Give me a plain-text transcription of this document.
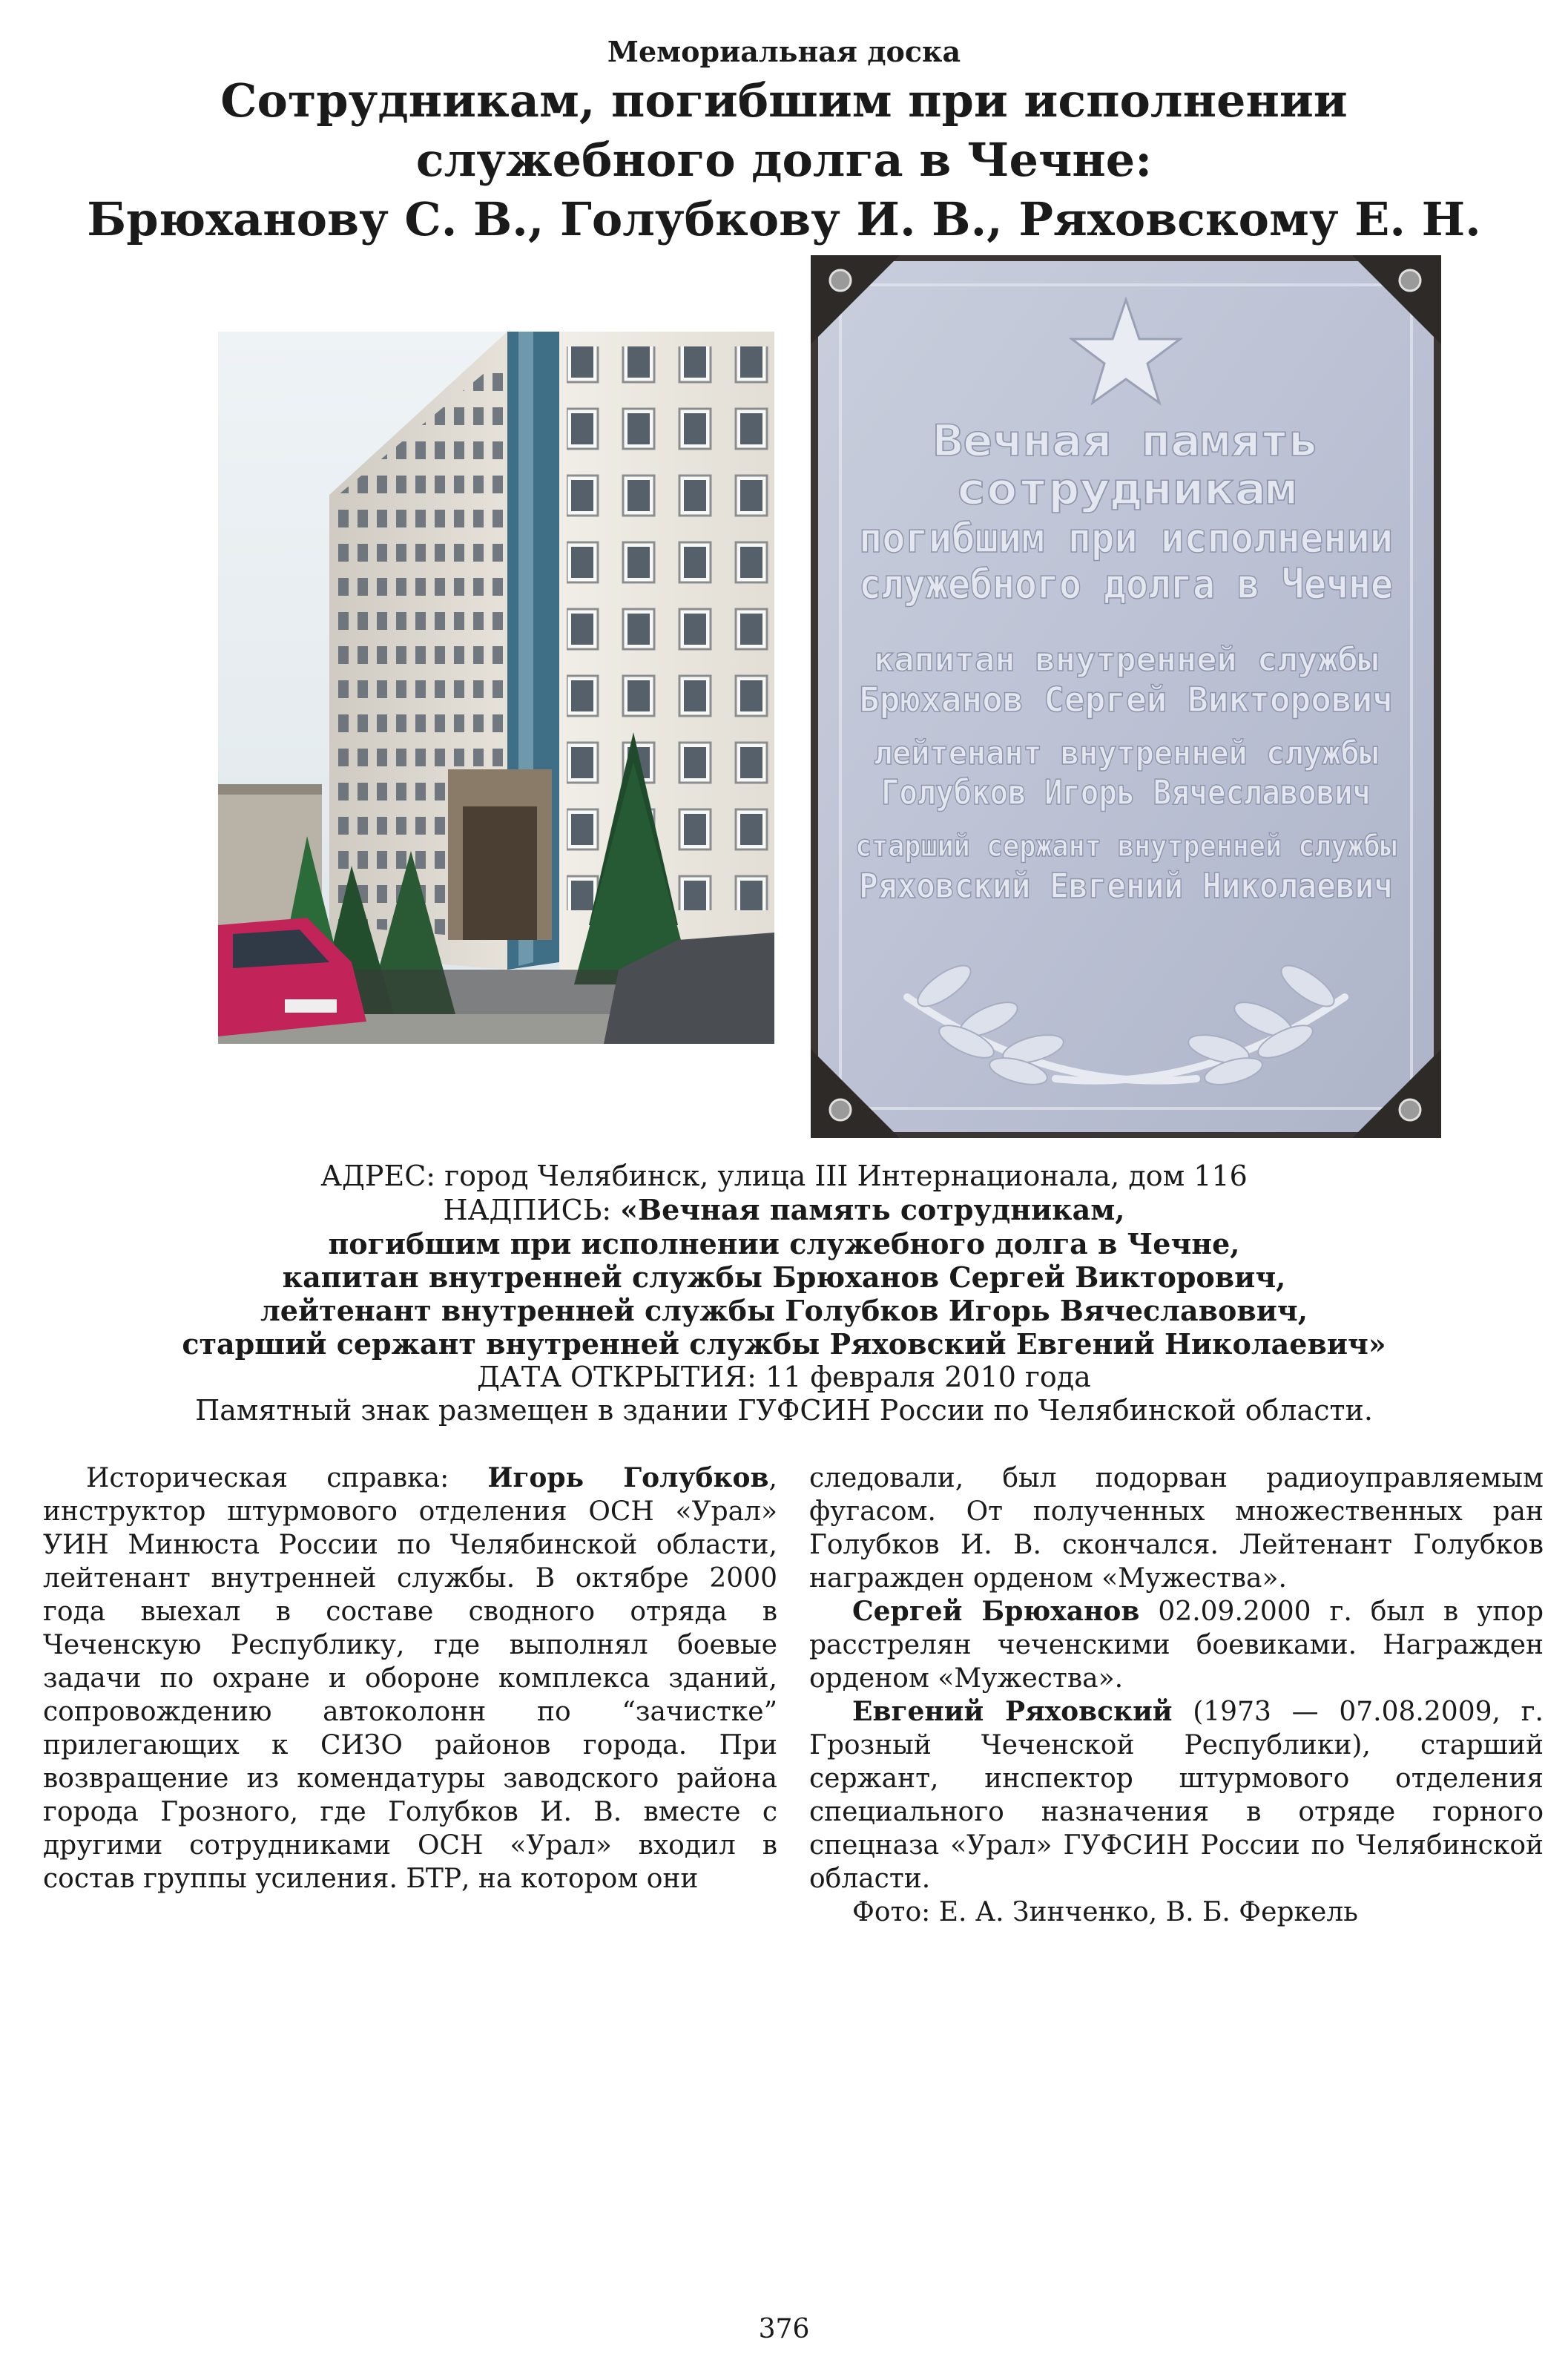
Мемориальная доска
Сотрудникам, погибшим при исполнении
служебного долга в Чечне:
Брюханову С. В., Голубкову И. В., Ряховскому Е. Н.
Вечная память
сотрудникам
погибшим при исполнении
служебного долга в Чечне
капитан внутренней службы
Брюханов Сергей Викторович
лейтенант внутренней службы
Голубков Игорь Вячеславович
старший сержант внутренней службы
Ряховский Евгений Николаевич
АДРЕС: город Челябинск, улица III Интернационала, дом 116
НАДПИСЬ: «Вечная память сотрудникам,
погибшим при исполнении служебного долга в Чечне,
капитан внутренней службы Брюханов Сергей Викторович,
лейтенант внутренней службы Голубков Игорь Вячеславович,
старший сержант внутренней службы Ряховский Евгений Николаевич»
ДАТА ОТКРЫТИЯ: 11 февраля 2010 года
Памятный знак размещен в здании ГУФСИН России по Челябинской области.

Историческая справка: Игорь Голубков, инструктор штурмового отделения ОСН «Урал» УИН Минюста России по Челябинской области, лейтенант внутренней службы. В октябре 2000 года выехал в составе сводного отряда в Чеченскую Республику, где выполнял боевые задачи по охране и обороне комплекса зданий, сопровождению автоколонн по “зачистке” прилегающих к СИЗО районов города. При возвращение из комендатуры заводского района города Грозного, где Голубков И. В. вместе с другими сотрудниками ОСН «Урал» входил в состав группы усиления. БТР, на котором они

следовали, был подорван радиоуправляемым фугасом. От полученных множественных ран Голубков И. В. скончался. Лейтенант Голубков награжден орденом «Мужества».

Сергей Брюханов 02.09.2000 г. был в упор расстрелян чеченскими боевиками. Награжден орденом «Мужества».

Евгений Ряховский (1973 — 07.08.2009, г. Грозный Чеченской Республики), старший сержант, инспектор штурмового отделения специального назначения в отряде горного спецназа «Урал» ГУФСИН России по Челябинской области.

Фото: Е. А. Зинченко, В. Б. Феркель

376
